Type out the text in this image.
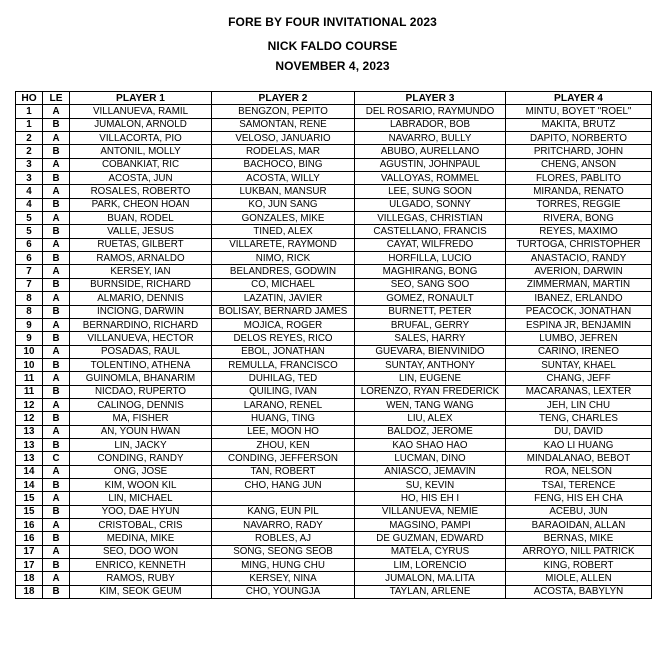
FORE BY FOUR INVITATIONAL 2023
NICK FALDO COURSE
NOVEMBER 4, 2023
HO	LE	PLAYER 1	PLAYER 2	PLAYER 3	PLAYER 4
1	A	VILLANUEVA, RAMIL	BENGZON, PEPITO	DEL ROSARIO, RAYMUNDO	MINTU, BOYET "ROEL"
1	B	JUMALON, ARNOLD	SAMONTAN, RENE	LABRADOR, BOB	MAKITA, BRUTZ
2	A	VILLACORTA, PIO	VELOSO, JANUARIO	NAVARRO, BULLY	DAPITO, NORBERTO
2	B	ANTONIL, MOLLY	RODELAS, MAR	ABUBO, AURELLANO	PRITCHARD, JOHN
3	A	COBANKIAT, RIC	BACHOCO, BING	AGUSTIN, JOHNPAUL	CHENG, ANSON
3	B	ACOSTA, JUN	ACOSTA, WILLY	VALLOYAS, ROMMEL	FLORES, PABLITO
4	A	ROSALES, ROBERTO	LUKBAN, MANSUR	LEE, SUNG SOON	MIRANDA, RENATO
4	B	PARK, CHEON HOAN	KO, JUN SANG	ULGADO, SONNY	TORRES, REGGIE
5	A	BUAN, RODEL	GONZALES, MIKE	VILLEGAS, CHRISTIAN	RIVERA, BONG
5	B	VALLE, JESUS	TINED, ALEX	CASTELLANO, FRANCIS	REYES, MAXIMO
6	A	RUETAS, GILBERT	VILLARETE, RAYMOND	CAYAT, WILFREDO	TURTOGA, CHRISTOPHER
6	B	RAMOS, ARNALDO	NIMO, RICK	HORFILLA, LUCIO	ANASTACIO, RANDY
7	A	KERSEY, IAN	BELANDRES, GODWIN	MAGHIRANG, BONG	AVERION, DARWIN
7	B	BURNSIDE, RICHARD	CO, MICHAEL	SEO, SANG SOO	ZIMMERMAN, MARTIN
8	A	ALMARIO, DENNIS	LAZATIN, JAVIER	GOMEZ, RONAULT	IBANEZ, ERLANDO
8	B	INCIONG, DARWIN	BOLISAY, BERNARD JAMES	BURNETT, PETER	PEACOCK, JONATHAN
9	A	BERNARDINO, RICHARD	MOJICA, ROGER	BRUFAL, GERRY	ESPINA JR, BENJAMIN
9	B	VILLANUEVA, HECTOR	DELOS REYES, RICO	SALES, HARRY	LUMBO, JEFREN
10	A	POSADAS, RAUL	EBOL, JONATHAN	GUEVARA, BIENVINIDO	CARIÑO, IRENEO
10	B	TOLENTINO, ATHENA	REMULLA, FRANCISCO	SUNTAY, ANTHONY	SUNTAY, KHAEL
11	A	GUINOMLA, BHANARIM	DUHILAG, TED	LIN, EUGENE	CHANG, JEFF
11	B	NICDAO, RUPERTO	QUILING, IVAN	LORENZO, RYAN FREDERICK	MACARANAS, LEXTER
12	A	CALINOG, DENNIS	LARANO, RENEL	WEN, TANG WANG	JEH, LIN CHU
12	B	MA, FISHER	HUANG, TING	LIU, ALEX	TENG, CHARLES
13	A	AN, YOUN HWAN	LEE, MOON HO	BALDOZ, JEROME	DU, DAVID
13	B	LIN, JACKY	ZHOU, KEN	KAO SHAO HAO	KAO LI HUANG
13	C	CONDING, RANDY	CONDING, JEFFERSON	LUCMAN, DINO	MINDALANAO, BEBOT
14	A	ONG, JOSE	TAN, ROBERT	ANIASCO, JEMAVIN	ROA, NELSON
14	B	KIM, WOON KIL	CHO, HANG JUN	SU, KEVIN	TSAI, TERENCE
15	A	LIN, MICHAEL		HO, HIS EH I	FENG, HIS EH CHA
15	B	YOO, DAE HYUN	KANG, EUN PIL	VILLANUEVA, NEMIE	ACEBU, JUN
16	A	CRISTOBAL, CRIS	NAVARRO, RADY	MAGSINO, PAMPI	BARAOIDAN, ALLAN
16	B	MEDINA, MIKE	ROBLES, AJ	DE GUZMAN, EDWARD	BERNAS, MIKE
17	A	SEO, DOO WON	SONG, SEONG SEOB	MATELA, CYRUS	ARROYO, NILL PATRICK
17	B	ENRICO, KENNETH	MING, HUNG CHU	LIM, LORENCIO	KING, ROBERT
18	A	RAMOS, RUBY	KERSEY, NINA	JUMALON, MA.LITA	MIOLE, ALLEN
18	B	KIM, SEOK GEUM	CHO, YOUNGJA	TAYLAN, ARLENE	ACOSTA, BABYLYN
